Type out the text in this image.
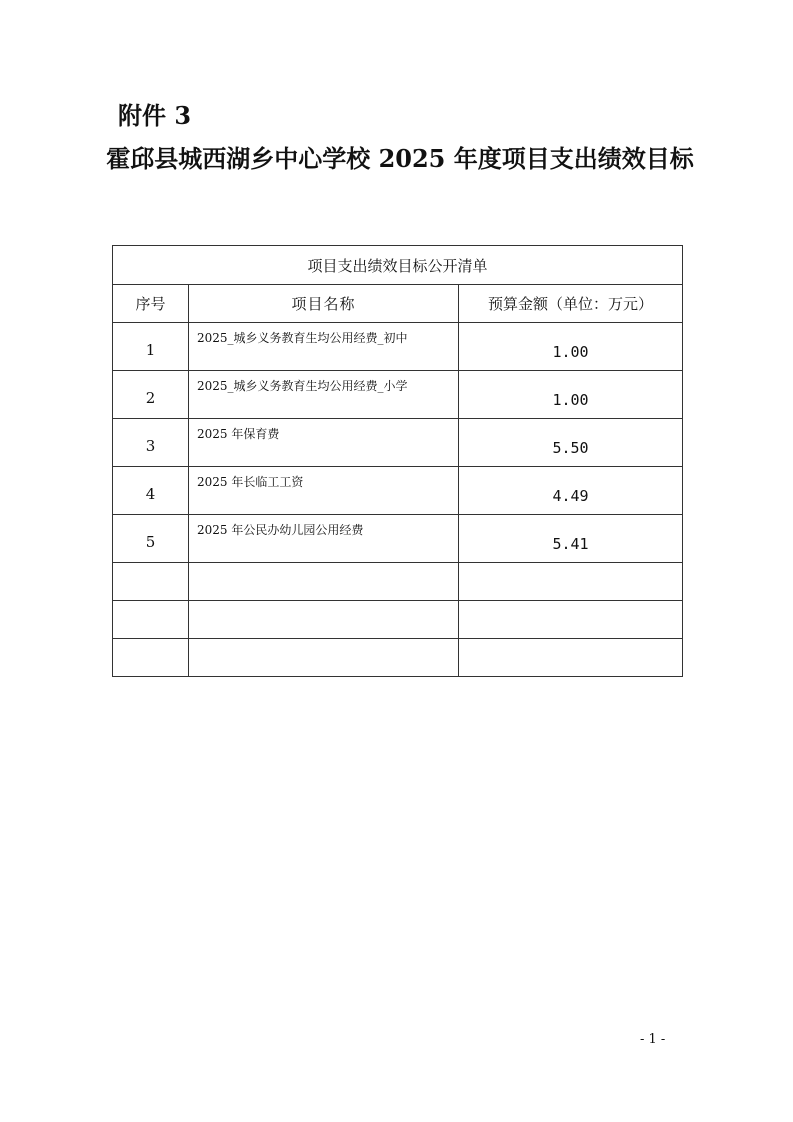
附件 3
霍邱县城西湖乡中心学校 2025 年度项目支出绩效目标
项目支出绩效目标公开清单		
序号	项目名称	预算金额（单位：万元）
1	2025_城乡义务教育生均公用经费_初中	1.00
2	2025_城乡义务教育生均公用经费_小学	1.00
3	2025 年保育费	5.50
4	2025 年长临工工资	4.49
5	2025 年公民办幼儿园公用经费	5.41

- 1 -
